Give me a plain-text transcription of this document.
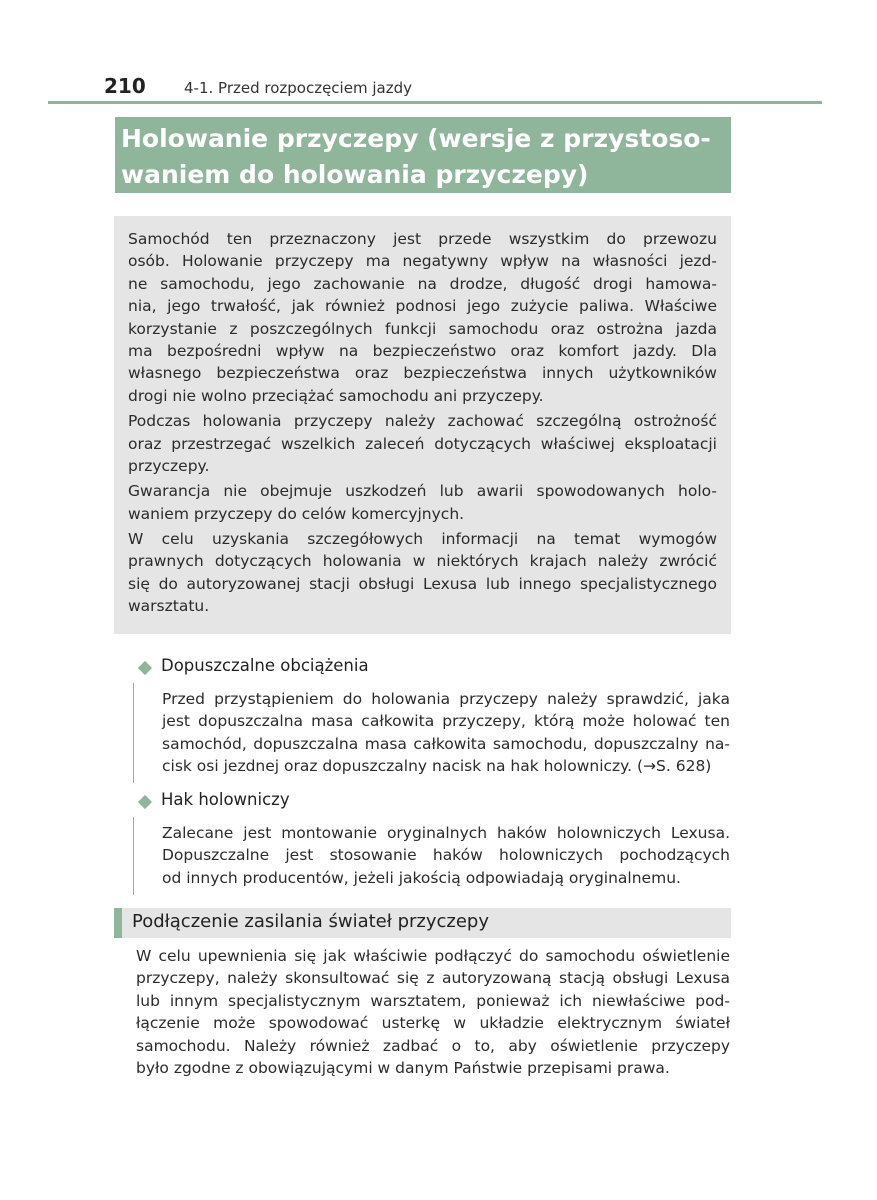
210	4-1. Przed rozpoczęciem jazdy
Holowanie przyczepy (wersje z przystoso-
waniem do holowania przyczepy)
Samochód ten przeznaczony jest przede wszystkim do przewozu
osób. Holowanie przyczepy ma negatywny wpływ na własności jezd-
ne samochodu, jego zachowanie na drodze, długość drogi hamowa-
nia, jego trwałość, jak również podnosi jego zużycie paliwa. Właściwe
korzystanie z poszczególnych funkcji samochodu oraz ostrożna jazda
ma bezpośredni wpływ na bezpieczeństwo oraz komfort jazdy. Dla
własnego bezpieczeństwa oraz bezpieczeństwa innych użytkowników
drogi nie wolno przeciążać samochodu ani przyczepy.
Podczas holowania przyczepy należy zachować szczególną ostrożność
oraz przestrzegać wszelkich zaleceń dotyczących właściwej eksploatacji
przyczepy.
Gwarancja nie obejmuje uszkodzeń lub awarii spowodowanych holo-
waniem przyczepy do celów komercyjnych.
W celu uzyskania szczegółowych informacji na temat wymogów
prawnych dotyczących holowania w niektórych krajach należy zwrócić
się do autoryzowanej stacji obsługi Lexusa lub innego specjalistycznego
warsztatu.
Dopuszczalne obciążenia
Przed przystąpieniem do holowania przyczepy należy sprawdzić, jaka
jest dopuszczalna masa całkowita przyczepy, którą może holować ten
samochód, dopuszczalna masa całkowita samochodu, dopuszczalny na-
cisk osi jezdnej oraz dopuszczalny nacisk na hak holowniczy. (→S. 628)
Hak holowniczy
Zalecane jest montowanie oryginalnych haków holowniczych Lexusa.
Dopuszczalne jest stosowanie haków holowniczych pochodzących
od innych producentów, jeżeli jakością odpowiadają oryginalnemu.
Podłączenie zasilania świateł przyczepy
W celu upewnienia się jak właściwie podłączyć do samochodu oświetlenie
przyczepy, należy skonsultować się z autoryzowaną stacją obsługi Lexusa
lub innym specjalistycznym warsztatem, ponieważ ich niewłaściwe pod-
łączenie może spowodować usterkę w układzie elektrycznym świateł
samochodu. Należy również zadbać o to, aby oświetlenie przyczepy
było zgodne z obowiązującymi w danym Państwie przepisami prawa.
